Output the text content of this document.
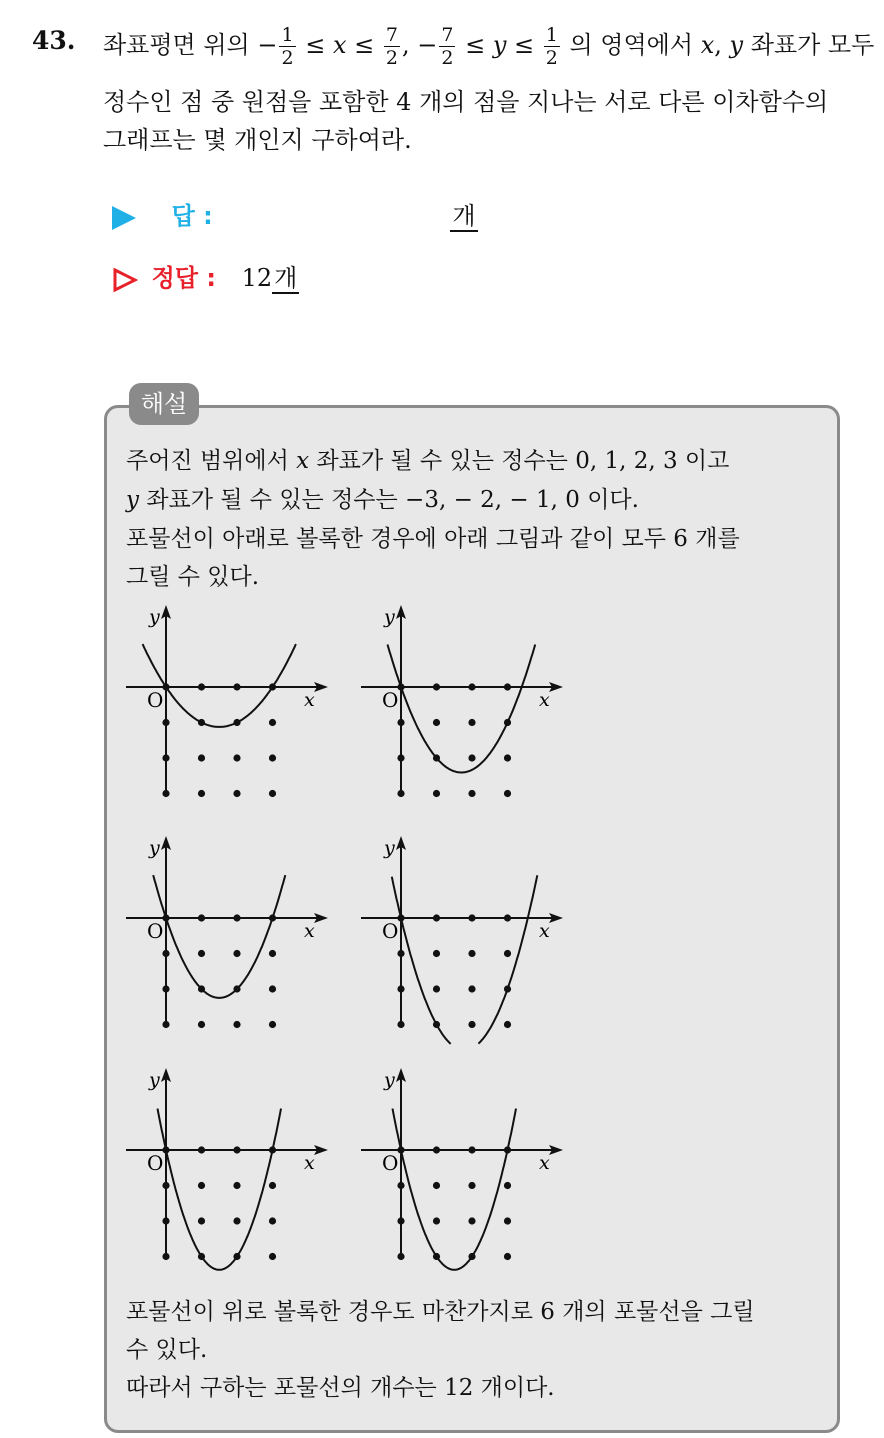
43. 좌표평면 위의 − $\frac{1}{2} \le x \le \frac{7}{2}$ , − $\frac{7}{2} \le y \le \frac{1}{2}$ 의 영역에서 x, y 좌표가 모두
정수인 점 중 원점을 포함한 4 개의 점을 지나는 서로 다른 이차함수의
그래프는 몇 개인지 구하여라.
답 :	개
정답 : 12개
해설
주어진 범위에서 x 좌표가 될 수 있는 정수는 0, 1, 2, 3 이고
y 좌표가 될 수 있는 정수는 −3, − 2, − 1, 0 이다.
포물선이 아래로 볼록한 경우에 아래 그림과 같이 모두 6 개를
그릴 수 있다.
x
y
O	x
y
O
x
y
O	x
y
O
x
y
O	x
y
O
포물선이 위로 볼록한 경우도 마찬가지로 6 개의 포물선을 그릴
수 있다.
따라서 구하는 포물선의 개수는 12 개이다.
